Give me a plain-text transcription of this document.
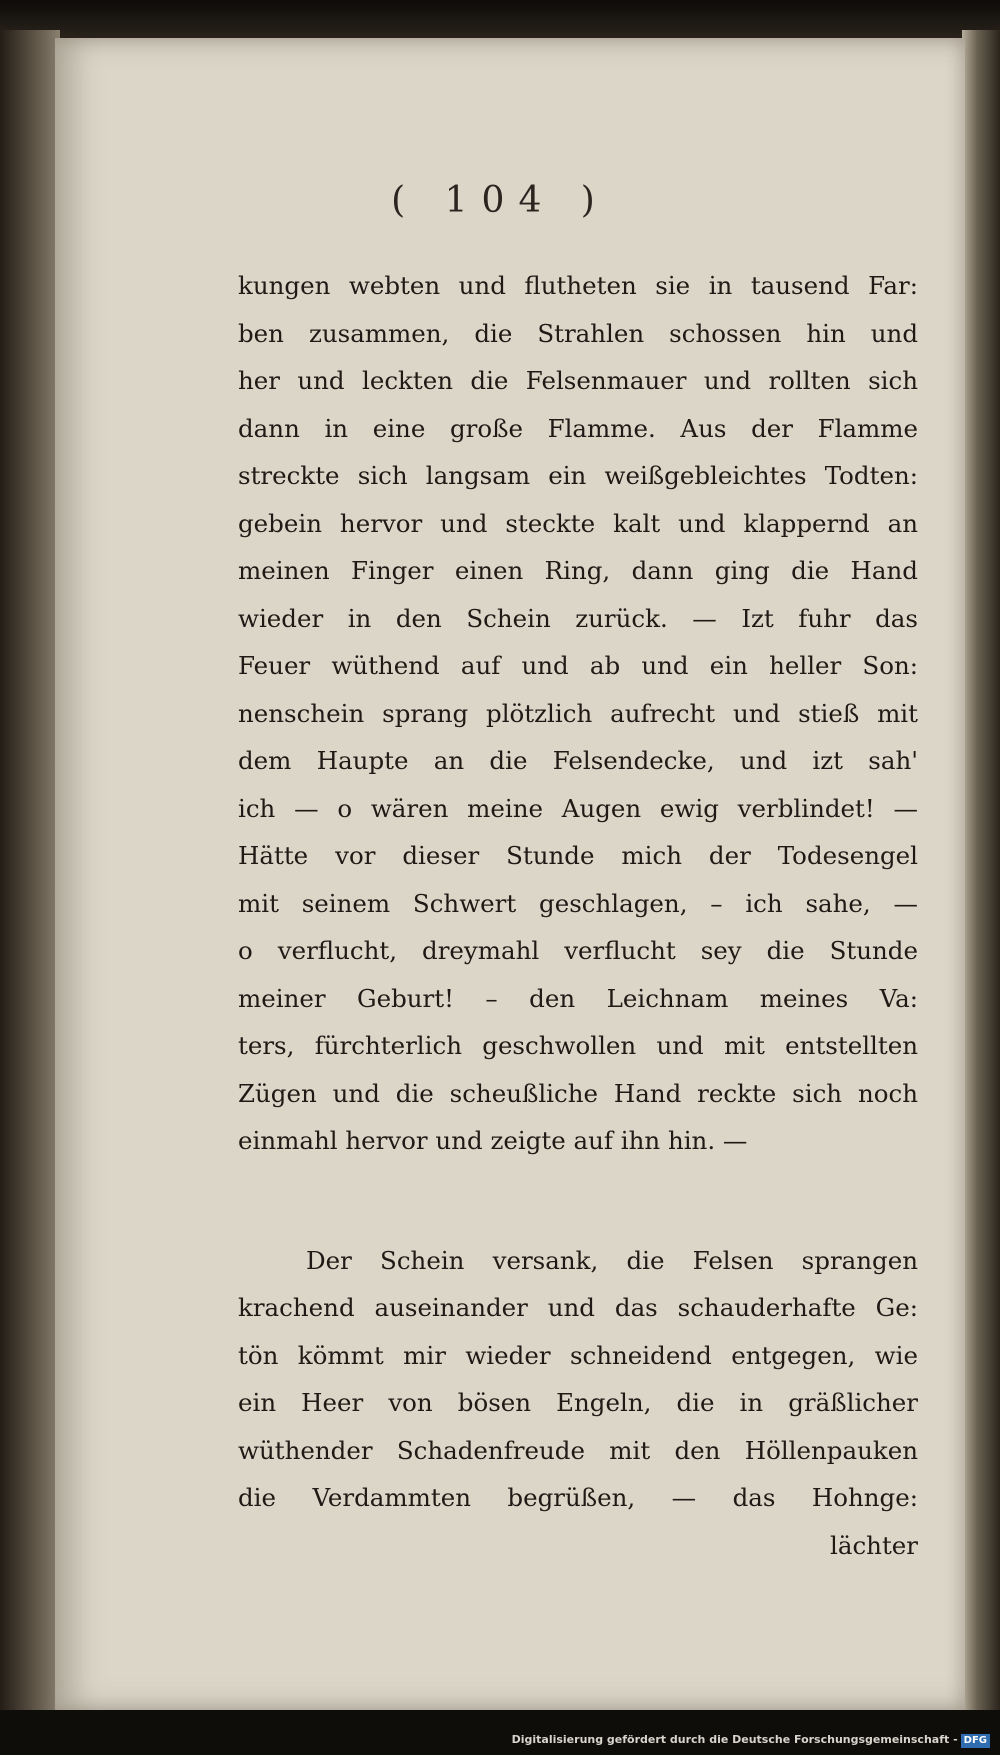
( 104 )
kungen webten und flutheten sie in tausend Far:
ben zusammen, die Strahlen schossen hin und
her und leckten die Felsenmauer und rollten sich
dann in eine große Flamme. Aus der Flamme
streckte sich langsam ein weißgebleichtes Todten:
gebein hervor und steckte kalt und klappernd an
meinen Finger einen Ring, dann ging die Hand
wieder in den Schein zurück. — Izt fuhr das
Feuer wüthend auf und ab und ein heller Son:
nenschein sprang plötzlich aufrecht und stieß mit
dem Haupte an die Felsendecke, und izt sah'
ich — o wären meine Augen ewig verblindet! —
Hätte vor dieser Stunde mich der Todesengel
mit seinem Schwert geschlagen, – ich sahe, —
o verflucht, dreymahl verflucht sey die Stunde
meiner Geburt! – den Leichnam meines Va:
ters, fürchterlich geschwollen und mit entstellten
Zügen und die scheußliche Hand reckte sich noch
einmahl hervor und zeigte auf ihn hin. —
Der Schein versank, die Felsen sprangen
krachend auseinander und das schauderhafte Ge:
tön kömmt mir wieder schneidend entgegen, wie
ein Heer von bösen Engeln, die in gräßlicher
wüthender Schadenfreude mit den Höllenpauken
die Verdammten begrüßen, — das Hohnge:
lächter
Digitalisierung gefördert durch die Deutsche Forschungsgemeinschaft - DFG
